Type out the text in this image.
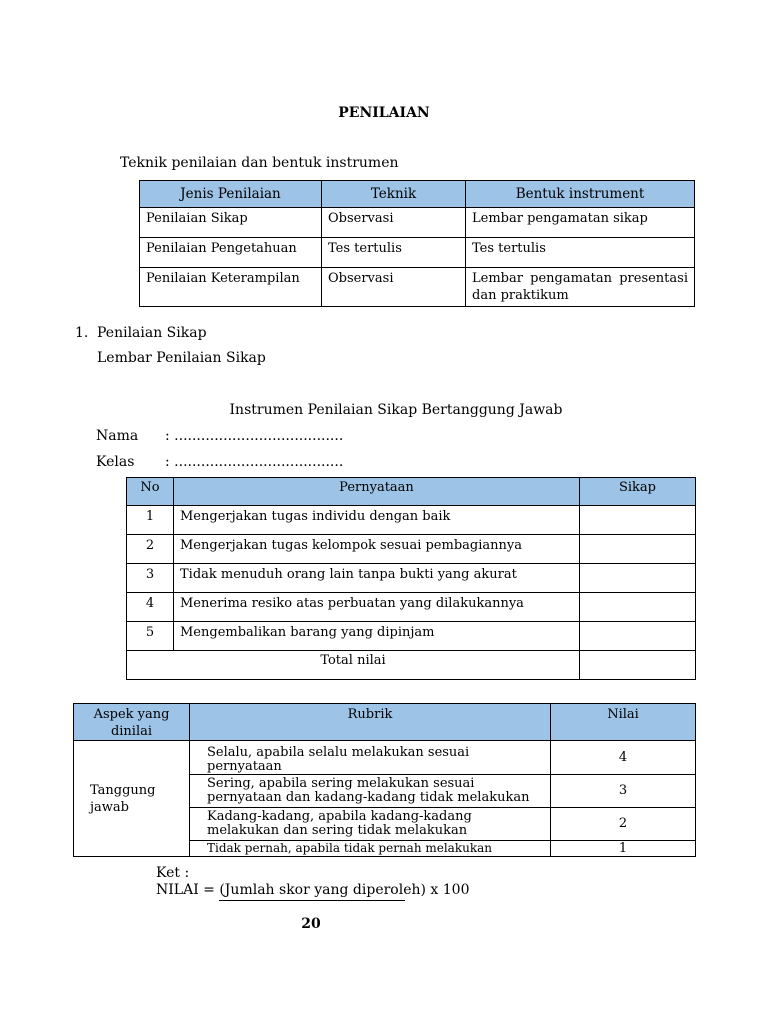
PENILAIAN
Teknik penilaian dan bentuk instrumen
Jenis Penilaian	Teknik	Bentuk instrument
Penilaian Sikap	Observasi	Lembar pengamatan sikap
Penilaian Pengetahuan	Tes tertulis	Tes tertulis
Penilaian Keterampilan	Observasi	Lembar pengamatan presentasi dan praktikum
1. Penilaian Sikap
Lembar Penilaian Sikap
Instrumen Penilaian Sikap Bertanggung Jawab
Nama : ......................................
Kelas : ......................................
No	Pernyataan	Sikap
1	Mengerjakan tugas individu dengan baik	
2	Mengerjakan tugas kelompok sesuai pembagiannya	
3	Tidak menuduh orang lain tanpa bukti yang akurat	
4	Menerima resiko atas perbuatan yang dilakukannya	
5	Mengembalikan barang yang dipinjam	
Total nilai		
Aspek yang dinilai	Rubrik	Nilai
Tanggung jawab	Selalu, apabila selalu melakukan sesuai pernyataan	4
	Sering, apabila sering melakukan sesuai pernyataan dan kadang-kadang tidak melakukan	3
	Kadang-kadang, apabila kadang-kadang melakukan dan sering tidak melakukan	2
	Tidak pernah, apabila tidak pernah melakukan	1
Ket :
NILAI = (Jumlah skor yang diperoleh) x 100
20
